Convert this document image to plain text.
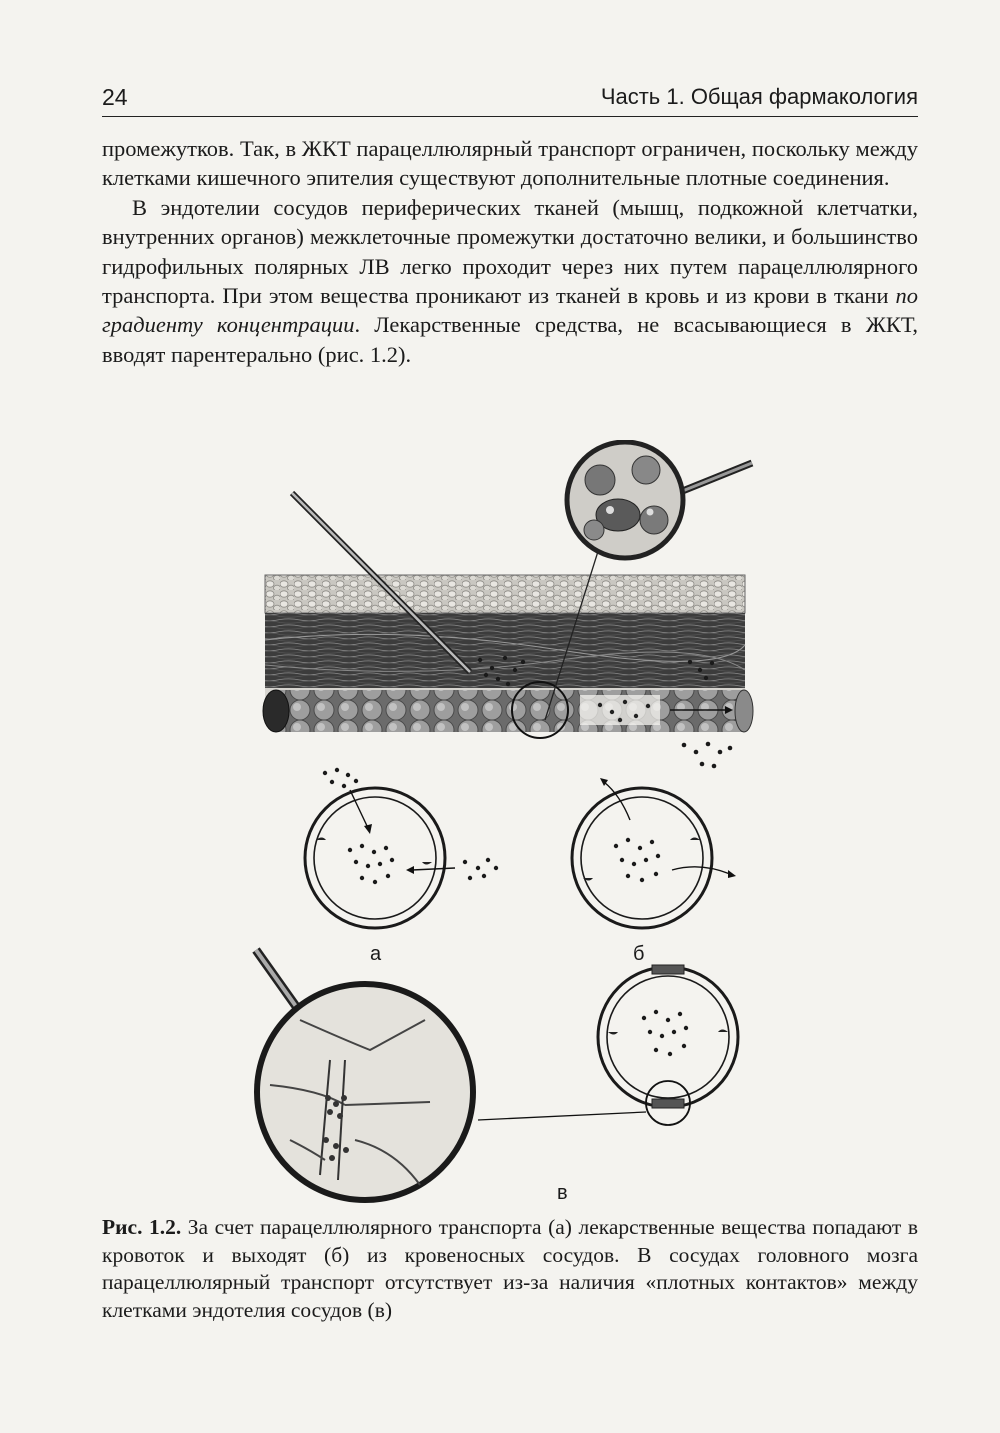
24	Часть 1. Общая фармакология

промежутков. Так, в ЖКТ парацеллюлярный транспорт ограничен, поскольку между клетками кишечного эпителия существуют дополнительные плотные соединения.

В эндотелии сосудов периферических тканей (мышц, подкожной клетчатки, внутренних органов) межклеточные промежутки достаточно велики, и большинство гидрофильных полярных ЛВ легко проходит через них путем парацеллюлярного транспорта. При этом вещества проникают из тканей в кровь и из крови в ткани по градиенту концентрации. Лекарственные средства, не всасывающиеся в ЖКТ, вводят парентерально (рис. 1.2).

а	б
в
Рис. 1.2. За счет парацеллюлярного транспорта (а) лекарственные вещества попадают в кровоток и выходят (б) из кровеносных сосудов. В сосудах головного мозга парацеллюлярный транспорт отсутствует из-за наличия «плотных контактов» между клетками эндотелия сосудов (в)
